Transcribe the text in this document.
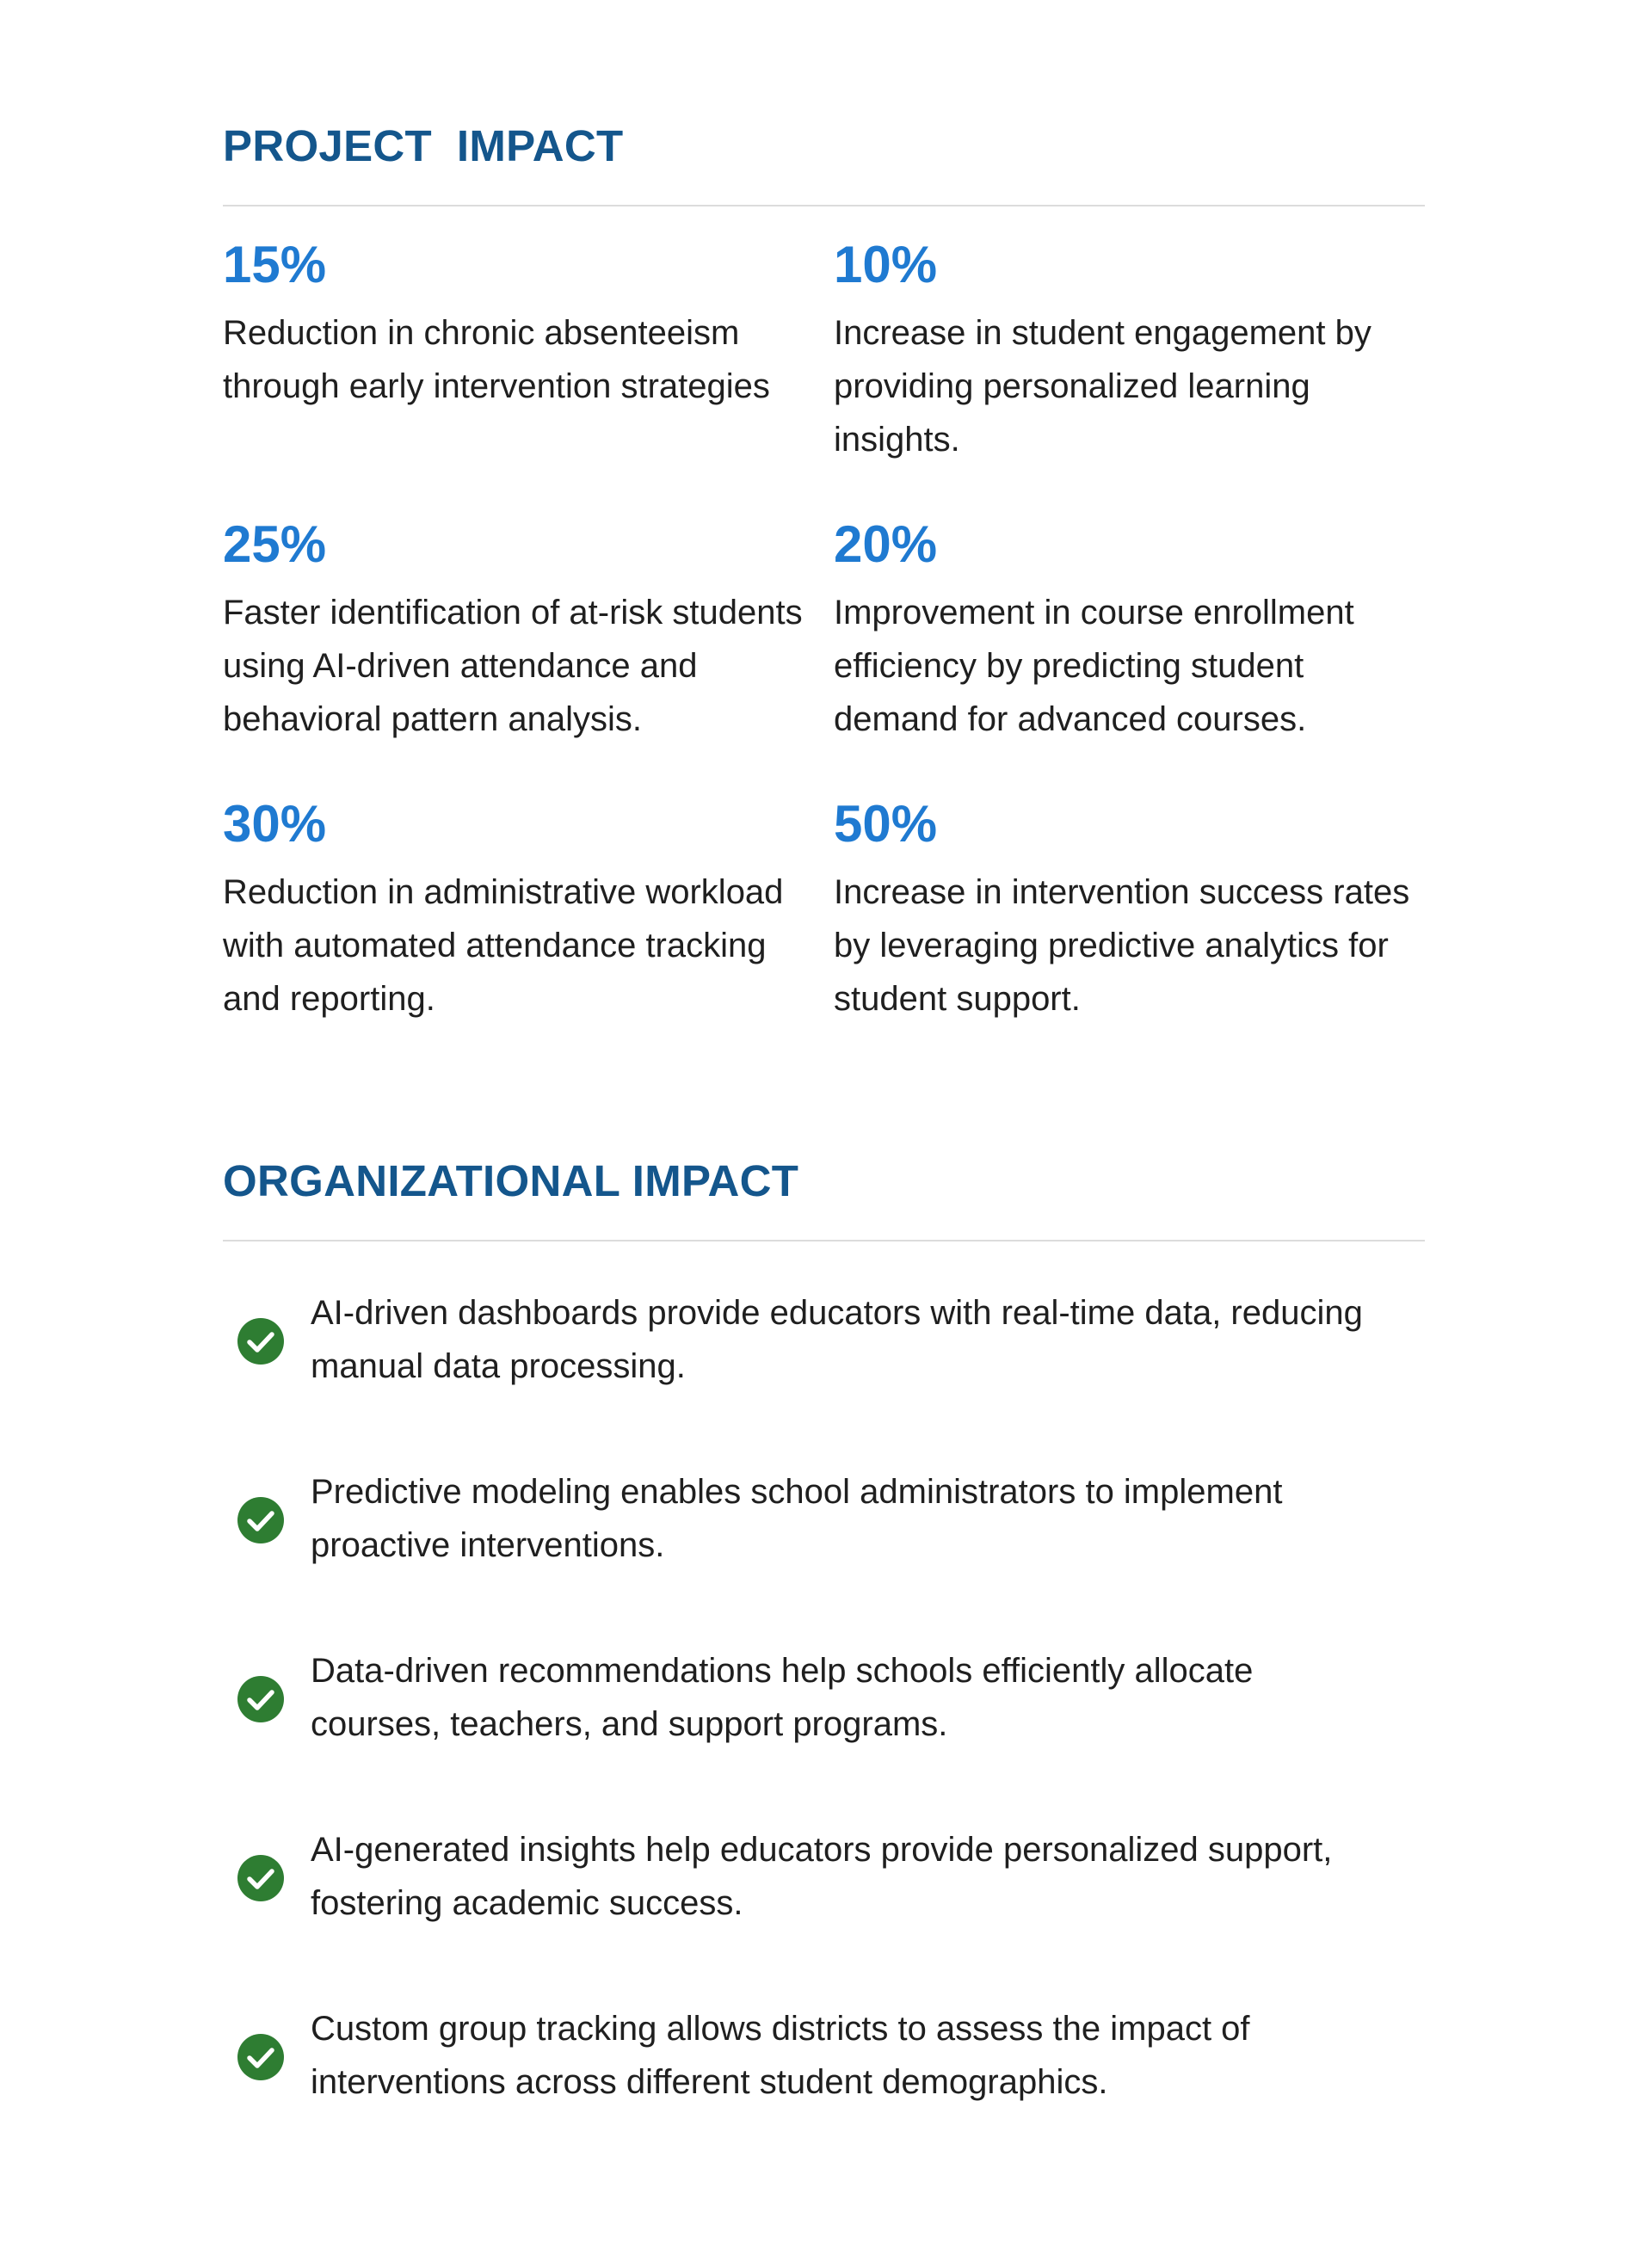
PROJECT  IMPACT
15%
Reduction in chronic absenteeism through early intervention strategies
10%
Increase in student engagement by providing personalized learning insights.
25%
Faster identification of at-risk students using AI-driven attendance and behavioral pattern analysis.
20%
Improvement in course enrollment efficiency by predicting student demand for advanced courses.
30%
Reduction in administrative workload with automated attendance tracking and reporting.
50%
Increase in intervention success rates by leveraging predictive analytics for student support.
ORGANIZATIONAL IMPACT
AI-driven dashboards provide educators with real-time data, reducing manual data processing.
Predictive modeling enables school administrators to implement proactive interventions.
Data-driven recommendations help schools efficiently allocate courses, teachers, and support programs.
AI-generated insights help educators provide personalized support, fostering academic success.
Custom group tracking allows districts to assess the impact of interventions across different student demographics.
